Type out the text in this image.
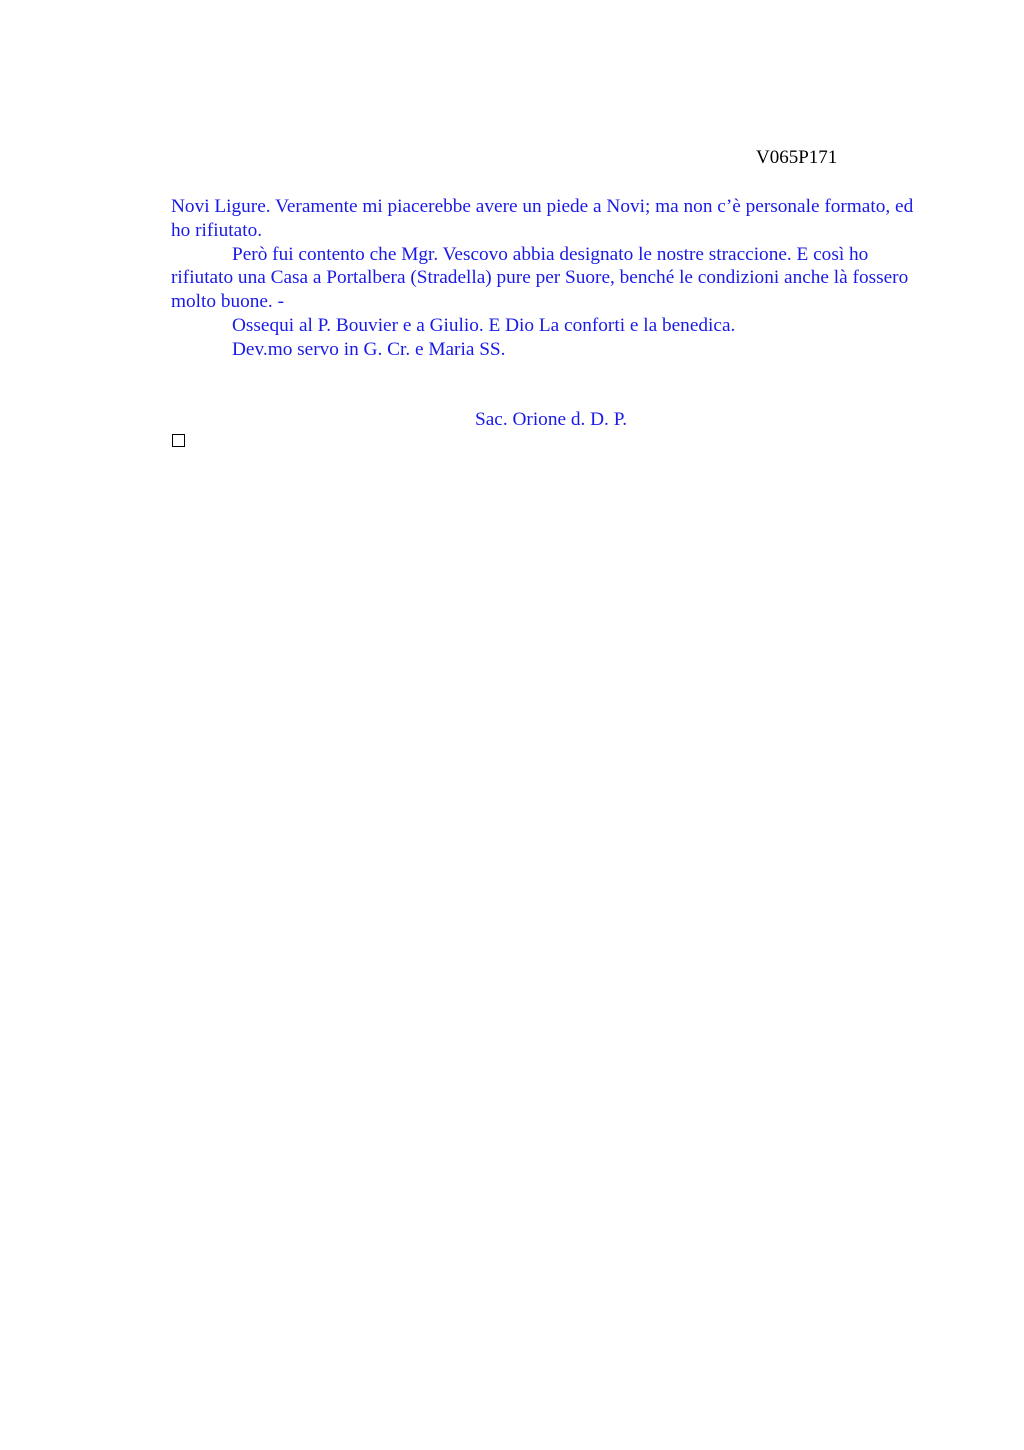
V065P171

Novi Ligure. Veramente mi piacerebbe avere un piede a Novi; ma non c’è personale formato, ed ho rifiutato.

Però fui contento che Mgr. Vescovo abbia designato le nostre straccione. E così ho rifiutato una Casa a Portalbera (Stradella) pure per Suore, benché le condizioni anche là fossero molto buone. -

Ossequi al P. Bouvier e a Giulio. E Dio La conforti e la benedica.

Dev.mo servo in G. Cr. e Maria SS.

Sac. Orione d. D. P.
